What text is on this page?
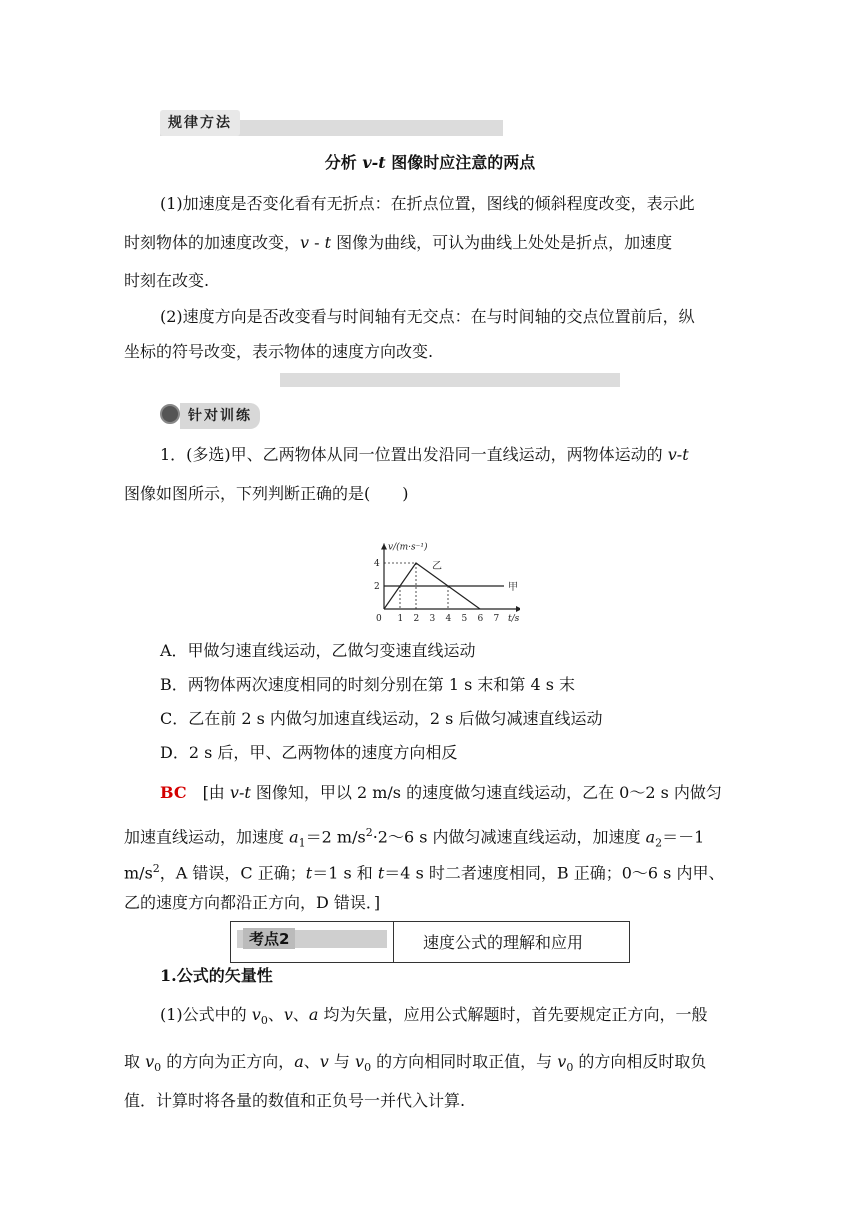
规律方法
分析 v-t 图像时应注意的两点
(1)加速度是否变化看有无折点：在折点位置，图线的倾斜程度改变，表示此
时刻物体的加速度改变，v - t 图像为曲线，可认为曲线上处处是折点，加速度
时刻在改变.
(2)速度方向是否改变看与时间轴有无交点：在与时间轴的交点位置前后，纵
坐标的符号改变，表示物体的速度方向改变.
针对训练
1．(多选)甲、乙两物体从同一位置出发沿同一直线运动，两物体运动的 v-t
图像如图所示，下列判断正确的是(　　)
v/(m·s⁻¹)
t/s
0 1 2 3 4 5 6 7
2
4
甲
乙
A．甲做匀速直线运动，乙做匀变速直线运动
B．两物体两次速度相同的时刻分别在第 1 s 末和第 4 s 末
C．乙在前 2 s 内做匀加速直线运动，2 s 后做匀减速直线运动
D．2 s 后，甲、乙两物体的速度方向相反
BC　[由 v-t 图像知，甲以 2 m/s 的速度做匀速直线运动，乙在 0～2 s 内做匀
加速直线运动，加速度 $a_1=2$ $m/s^2\cdot 2\sim 6$ s 内做匀减速直线运动，加速度 $a_2=-1$
$m/s^2$，A 错误，C 正确；t＝1 s 和 t＝4 s 时二者速度相同，B 正确；0～6 s 内甲、
乙的速度方向都沿正方向，D 错误．]
考点2	速度公式的理解和应用
1.公式的矢量性
(1)公式中的 $v_0$、v、a 均为矢量，应用公式解题时，首先要规定正方向，一般
取 $v_0$ 的方向为正方向，a、v 与 $v_0$ 的方向相同时取正值，与 $v_0$ 的方向相反时取负
值．计算时将各量的数值和正负号一并代入计算.
